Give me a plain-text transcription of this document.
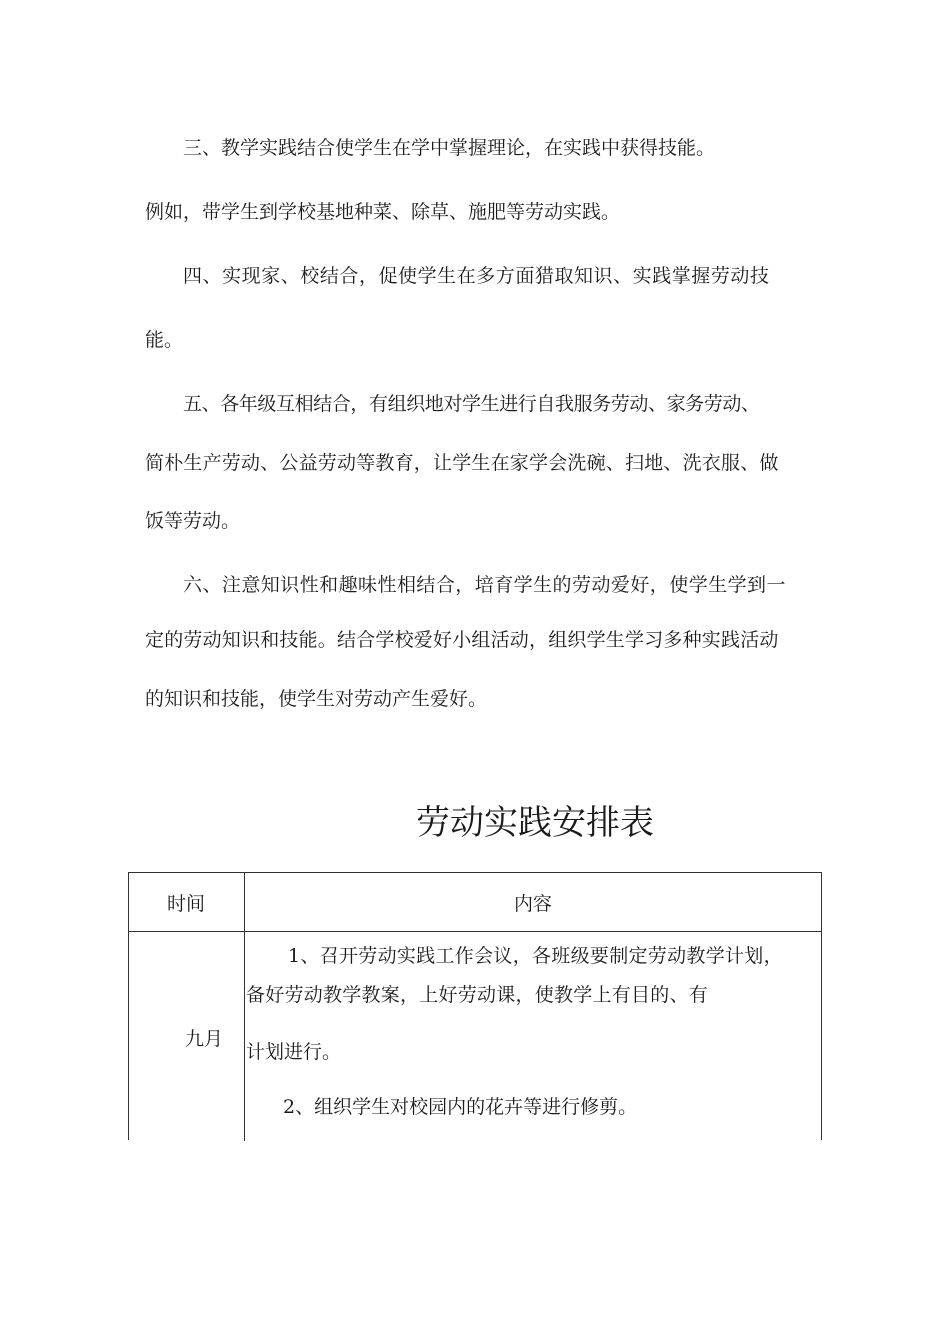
三、教学实践结合使学生在学中掌握理论，在实践中获得技能。

例如，带学生到学校基地种菜、除草、施肥等劳动实践。

四、实现家、校结合，促使学生在多方面猎取知识、实践掌握劳动技

能。

五、各年级互相结合，有组织地对学生进行自我服务劳动、家务劳动、

简朴生产劳动、公益劳动等教育，让学生在家学会洗碗、扫地、洗衣服、做

饭等劳动。

六、注意知识性和趣味性相结合，培育学生的劳动爱好，使学生学到一

定的劳动知识和技能。结合学校爱好小组活动，组织学生学习多种实践活动

的知识和技能，使学生对劳动产生爱好。

劳动实践安排表
时间	内容
九月
1、召开劳动实践工作会议，各班级要制定劳动教学计划，
备好劳动教学教案，上好劳动课，使教学上有目的、有
计划进行。
2、组织学生对校园内的花卉等进行修剪。
